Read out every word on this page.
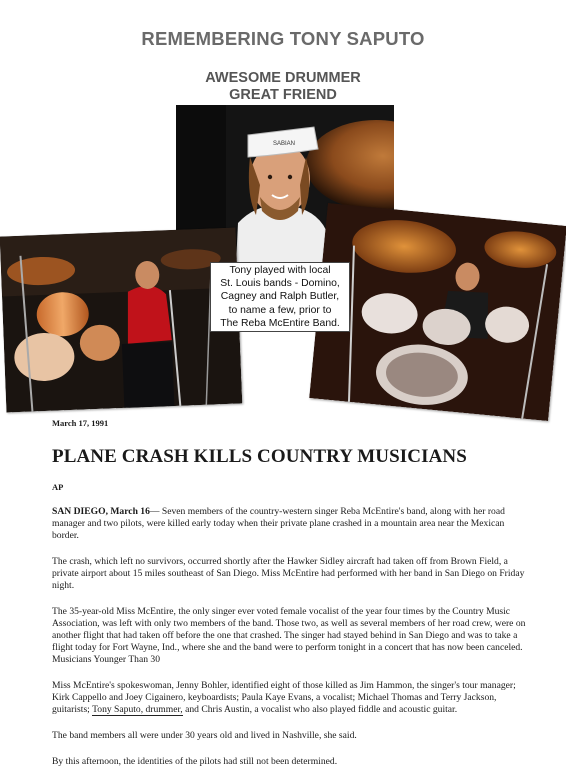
REMEMBERING TONY SAPUTO
AWESOME DRUMMER
GREAT FRIEND
SABIAN
Tony played with local
St. Louis bands - Domino,
Cagney and Ralph Butler,
to name a few, prior to
The Reba McEntire Band.

March 17, 1991

PLANE CRASH KILLS COUNTRY MUSICIANS

AP

SAN DIEGO, March 16— Seven members of the country-western singer Reba McEntire's band, along with her road manager and two pilots, were killed early today when their private plane crashed in a mountain area near the Mexican border.

The crash, which left no survivors, occurred shortly after the Hawker Sidley aircraft had taken off from Brown Field, a private airport about 15 miles southeast of San Diego. Miss McEntire had performed with her band in San Diego on Friday night.

The 35-year-old Miss McEntire, the only singer ever voted female vocalist of the year four times by the Country Music Association, was left with only two members of the band. Those two, as well as several members of her road crew, were on another flight that had taken off before the one that crashed. The singer had stayed behind in San Diego and was to take a flight today for Fort Wayne, Ind., where she and the band were to perform tonight in a concert that has now been canceled. Musicians Younger Than 30

Miss McEntire's spokeswoman, Jenny Bohler, identified eight of those killed as Jim Hammon, the singer's tour manager; Kirk Cappello and Joey Cigainero, keyboardists; Paula Kaye Evans, a vocalist; Michael Thomas and Terry Jackson, guitarists; Tony Saputo, drummer, and Chris Austin, a vocalist who also played fiddle and acoustic guitar.

The band members all were under 30 years old and lived in Nashville, she said.

By this afternoon, the identities of the pilots had still not been determined.
